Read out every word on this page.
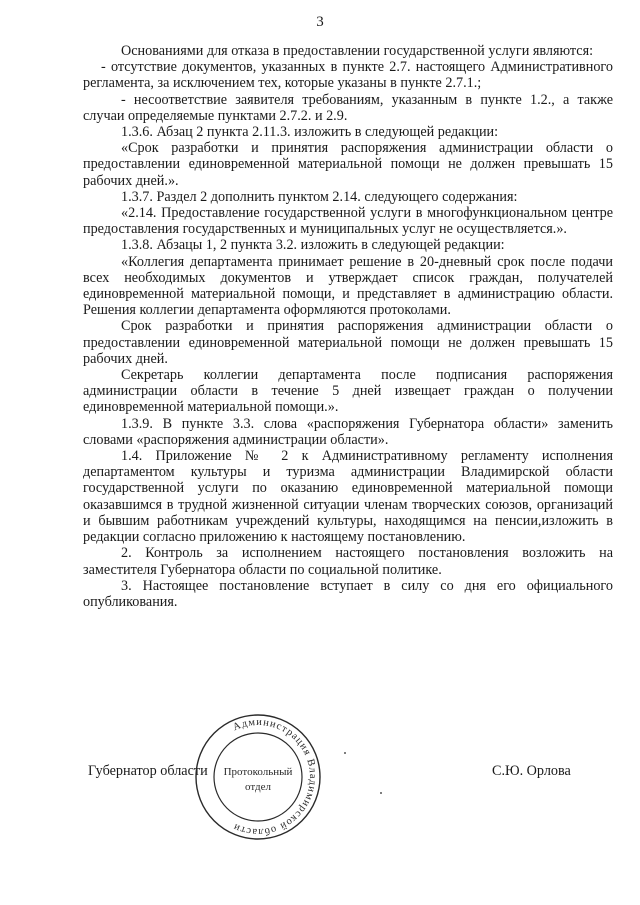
3

Основаниями для отказа в предоставлении государственной услуги являются:

- отсутствие документов, указанных в пункте 2.7. настоящего Административного регламента, за исключением тех, которые указаны в пункте 2.7.1.;

- несоответствие заявителя требованиям, указанным в пункте 1.2., а также случаи определяемые пунктами 2.7.2. и 2.9.

1.3.6. Абзац 2 пункта 2.11.3. изложить в следующей редакции:

«Срок разработки и принятия распоряжения администрации области о предоставлении единовременной материальной помощи не должен превышать 15 рабочих дней.».

1.3.7. Раздел 2 дополнить пунктом 2.14. следующего содержания:

«2.14. Предоставление государственной услуги в многофункциональном центре предоставления государственных и муниципальных услуг не осуществляется.».

1.3.8. Абзацы 1, 2 пункта 3.2. изложить в следующей редакции:

«Коллегия департамента принимает решение в 20-дневный срок после подачи всех необходимых документов и утверждает список граждан, получателей единовременной материальной помощи, и представляет в администрацию области. Решения коллегии департамента оформляются протоколами.

Срок разработки и принятия распоряжения администрации области о предоставлении единовременной материальной помощи не должен превышать 15 рабочих дней.

Секретарь коллегии департамента после подписания распоряжения администрации области в течение 5 дней извещает граждан о получении единовременной материальной помощи.».

1.3.9. В пункте 3.3. слова «распоряжения Губернатора области» заменить словами «распоряжения администрации области».

1.4. Приложение № 2 к Административному регламенту исполнения департаментом культуры и туризма администрации Владимирской области государственной услуги по оказанию единовременной материальной помощи оказавшимся в трудной жизненной ситуации членам творческих союзов, организаций и бывшим работникам учреждений культуры, находящимся на пенсии,изложить в редакции согласно приложению к настоящему постановлению.

2. Контроль за исполнением настоящего постановления возложить на заместителя Губернатора области по социальной политике.

3. Настоящее постановление вступает в силу со дня его официального опубликования.

Губернатор области	С.Ю. Орлова
Администрация Владимирской области
Протокольный
отдел
